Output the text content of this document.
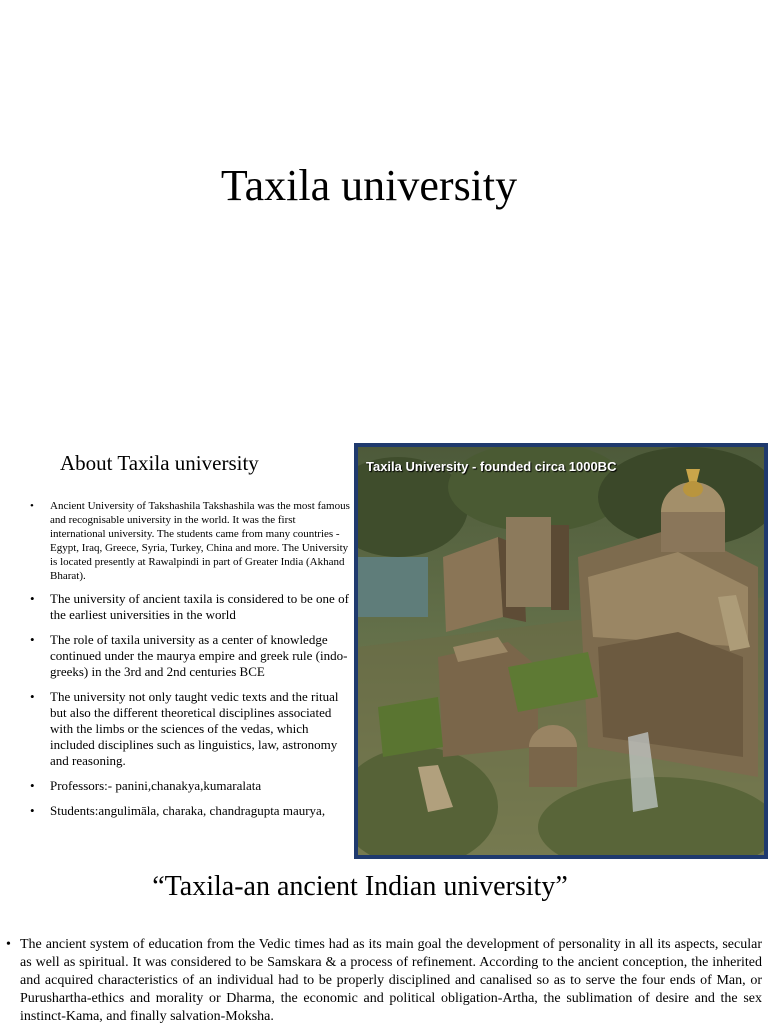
Taxila university
About Taxila university
• Ancient University of Takshashila Takshashila was the most famous and recognisable university in the world. It was the first international university. The students came from many countries - Egypt, Iraq, Greece, Syria, Turkey, China and more. The University is located presently at Rawalpindi in part of Greater India (Akhand Bharat).
• The university of ancient taxila is considered to be one of the earliest universities in the world
• The role of taxila university as a center of knowledge continued under the maurya empire and greek rule (indo-greeks) in the 3rd and 2nd centuries BCE
• The university not only taught vedic texts and the ritual but also the different theoretical disciplines associated with the limbs or the sciences of the vedas, which included disciplines such as linguistics, law, astronomy and reasoning.
• Professors:- panini,chanakya,kumaralata
• Students:angulimāla, charaka, chandragupta maurya,
Taxila University - founded circa 1000BC
“Taxila-an ancient Indian university”
• The ancient system of education from the Vedic times had as its main goal the development of personality in all its aspects, secular as well as spiritual. It was considered to be Samskara & a process of refinement. According to the ancient conception, the inherited and acquired characteristics of an individual had to be properly disciplined and canalised so as to serve the four ends of Man, or Purushartha-ethics and morality or Dharma, the economic and political obligation-Artha, the sublimation of desire and the sex instinct-Kama, and finally salvation-Moksha.
